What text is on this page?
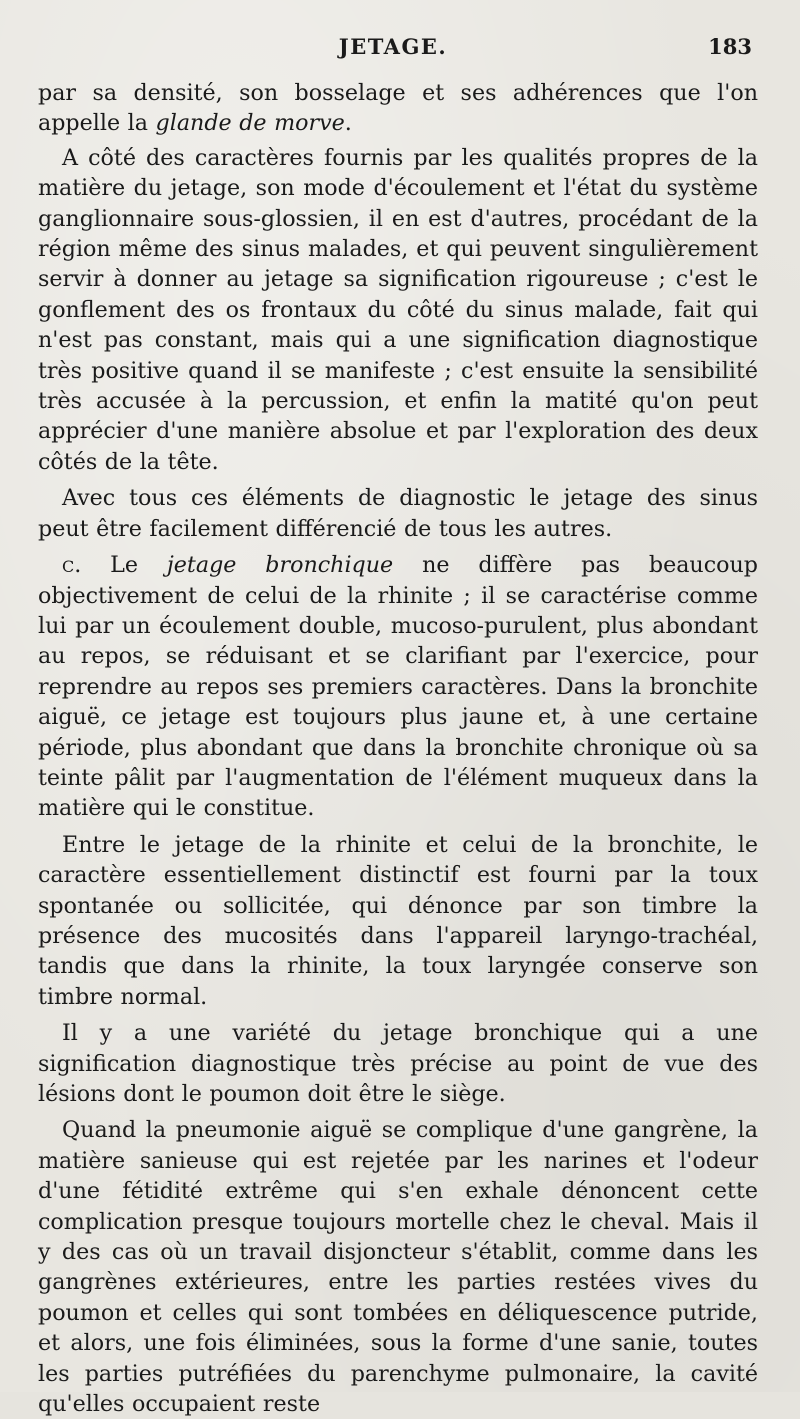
JETAGE.	183

par sa densité, son bosselage et ses adhérences que l'on appelle la glande de morve.

A côté des caractères fournis par les qualités propres de la matière du jetage, son mode d'écoulement et l'état du système ganglionnaire sous-glossien, il en est d'autres, procédant de la région même des sinus malades, et qui peuvent singulièrement servir à donner au jetage sa signification rigoureuse ; c'est le gonflement des os frontaux du côté du sinus malade, fait qui n'est pas constant, mais qui a une signification diagnostique très positive quand il se manifeste ; c'est ensuite la sensibilité très accusée à la percussion, et enfin la matité qu'on peut apprécier d'une manière absolue et par l'exploration des deux côtés de la tête.

Avec tous ces éléments de diagnostic le jetage des sinus peut être facilement différencié de tous les autres.

c. Le jetage bronchique ne diffère pas beaucoup objectivement de celui de la rhinite ; il se caractérise comme lui par un écoulement double, mucoso-purulent, plus abondant au repos, se réduisant et se clarifiant par l'exercice, pour reprendre au repos ses premiers caractères. Dans la bronchite aiguë, ce jetage est toujours plus jaune et, à une certaine période, plus abondant que dans la bronchite chronique où sa teinte pâlit par l'augmentation de l'élément muqueux dans la matière qui le constitue.

Entre le jetage de la rhinite et celui de la bronchite, le caractère essentiellement distinctif est fourni par la toux spontanée ou sollicitée, qui dénonce par son timbre la présence des mucosités dans l'appareil laryngo-trachéal, tandis que dans la rhinite, la toux laryngée conserve son timbre normal.

Il y a une variété du jetage bronchique qui a une signification diagnostique très précise au point de vue des lésions dont le poumon doit être le siège.

Quand la pneumonie aiguë se complique d'une gangrène, la matière sanieuse qui est rejetée par les narines et l'odeur d'une fétidité extrême qui s'en exhale dénoncent cette complication presque toujours mortelle chez le cheval. Mais il y des cas où un travail disjoncteur s'établit, comme dans les gangrènes extérieures, entre les parties restées vives du poumon et celles qui sont tombées en déliquescence putride, et alors, une fois éliminées, sous la forme d'une sanie, toutes les parties putréfiées du parenchyme pulmonaire, la cavité qu'elles occupaient reste
